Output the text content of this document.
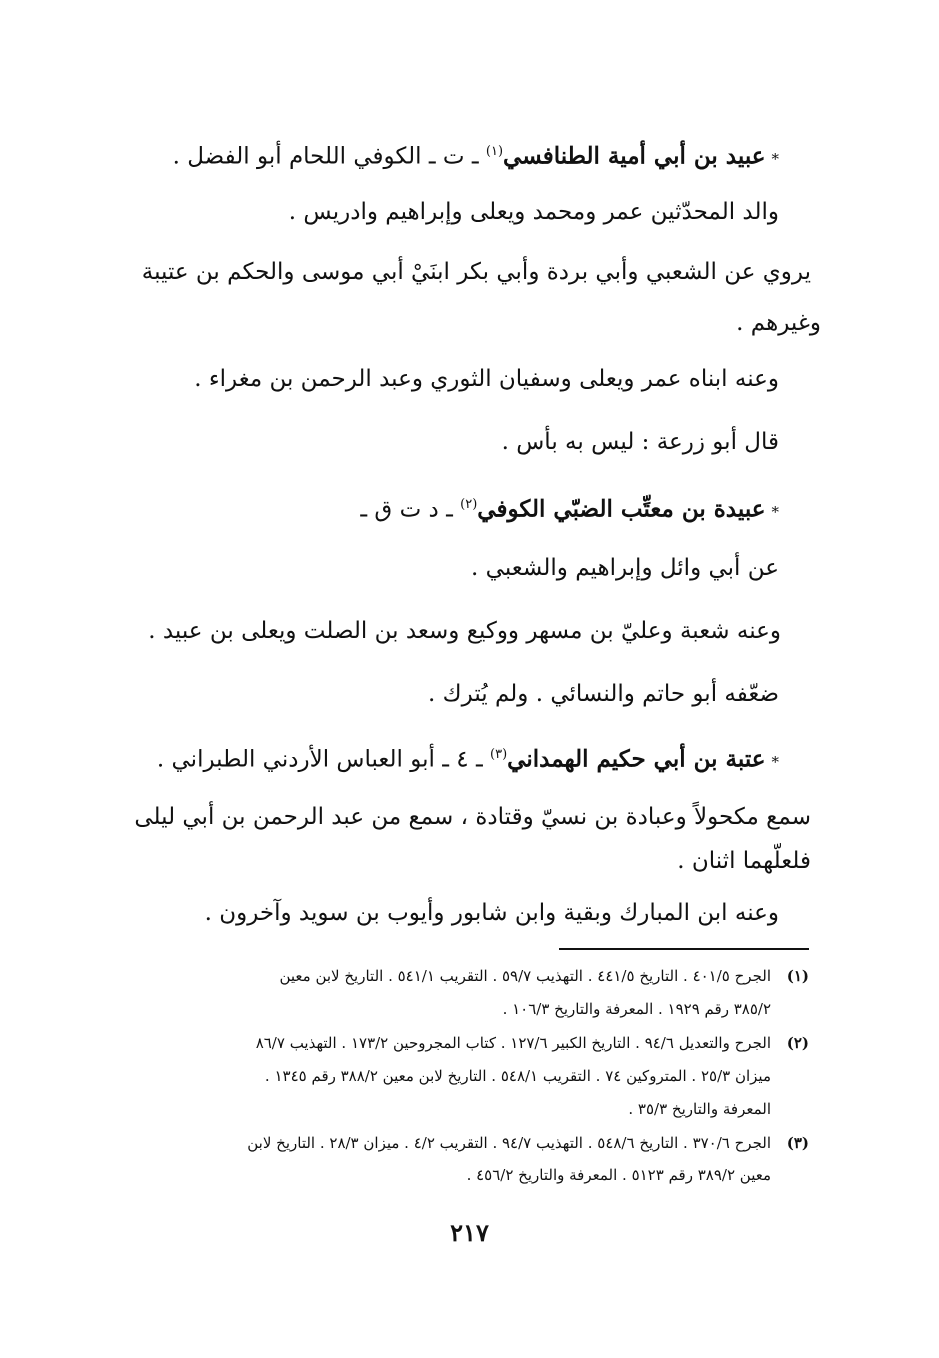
*عبيد بن أبي أمية الطنافسي$^{(١)}$ ـ ت ـ الكوفي اللحام أبو الفضل .
والد المحدّثين عمر ومحمد ويعلى وإبراهيم وادريس .
يروي عن الشعبي وأبي بردة وأبي بكر ابنَيْ أبي موسى والحكم بن عتيبة
وغيرهم .
وعنه ابناه عمر ويعلى وسفيان الثوري وعبد الرحمن بن مغراء .
قال أبو زرعة : ليس به بأس .
*عبيدة بن معتِّب الضبّي الكوفي$^{(٢)}$ ـ د ت ق ـ
عن أبي وائل وإبراهيم والشعبي .
وعنه شعبة وعليّ بن مسهر ووكيع وسعد بن الصلت ويعلى بن عبيد .
ضعّفه أبو حاتم والنسائي . ولم يُترك .
*عتبة بن أبي حكيم الهمداني$^{(٣)}$ ـ ٤ ـ أبو العباس الأردني الطبراني .
سمع مكحولاً وعبادة بن نسيّ وقتادة ، سمع من عبد الرحمن بن أبي ليلى
فلعلّهما اثنان .
وعنه ابن المبارك وبقية وابن شابور وأيوب بن سويد وآخرون .
(١)الجرح ٤٠١/٥ . التاريخ ٤٤١/٥ . التهذيب ٥٩/٧ . التقريب ٥٤١/١ . التاريخ لابن معين
٣٨٥/٢ رقم ١٩٢٩ . المعرفة والتاريخ ١٠٦/٣ .
(٢)الجرح والتعديل ٩٤/٦ . التاريخ الكبير ١٢٧/٦ . كتاب المجروحين ١٧٣/٢ . التهذيب ٨٦/٧
ميزان ٢٥/٣ . المتروكين ٧٤ . التقريب ٥٤٨/١ . التاريخ لابن معين ٣٨٨/٢ رقم ١٣٤٥ .
المعرفة والتاريخ ٣٥/٣ .
(٣)الجرح ٣٧٠/٦ . التاريخ ٥٤٨/٦ . التهذيب ٩٤/٧ . التقريب ٤/٢ . ميزان ٢٨/٣ . التاريخ لابن
معين ٣٨٩/٢ رقم ٥١٢٣ . المعرفة والتاريخ ٤٥٦/٢ .
٢١٧
